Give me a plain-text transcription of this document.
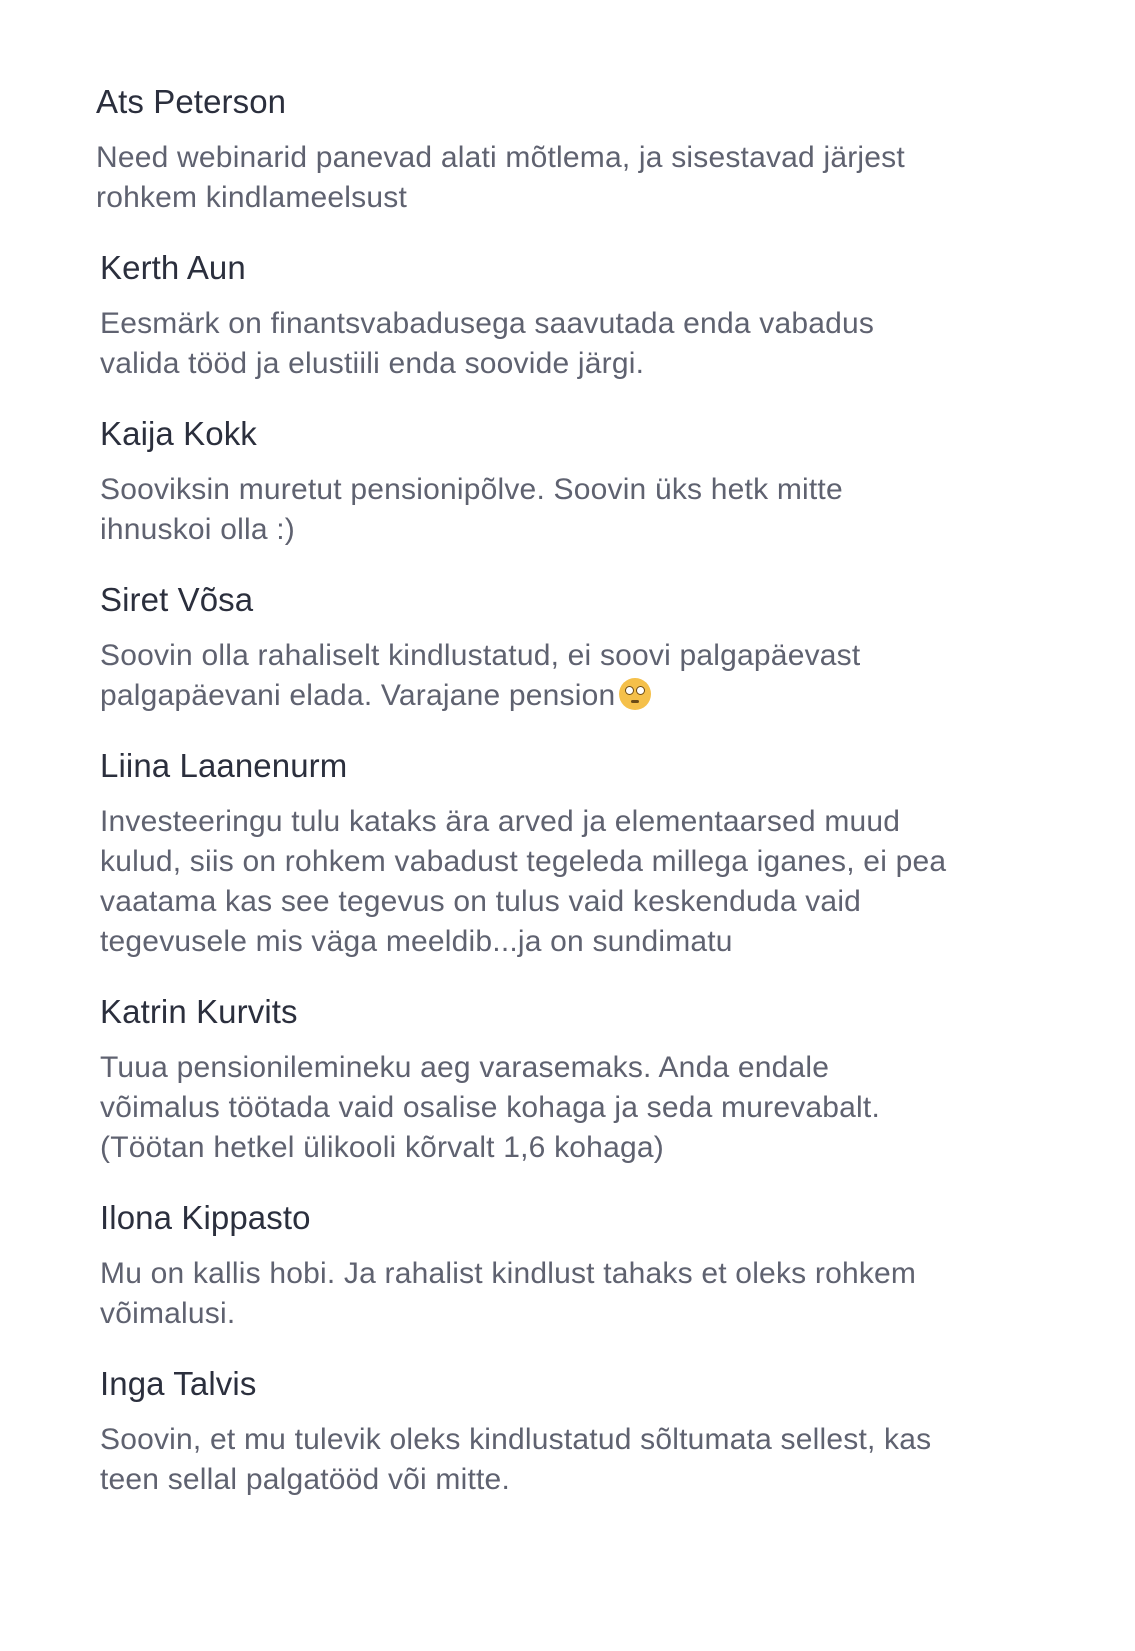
Ats Peterson

Need webinarid panevad alati mõtlema, ja sisestavad järjest
rohkem kindlameelsust

Kerth Aun

Eesmärk on finantsvabadusega saavutada enda vabadus
valida tööd ja elustiili enda soovide järgi.

Kaija Kokk

Sooviksin muretut pensionipõlve. Soovin üks hetk mitte
ihnuskoi olla :)

Siret Võsa

Soovin olla rahaliselt kindlustatud, ei soovi palgapäevast
palgapäevani elada. Varajane pension

Liina Laanenurm

Investeeringu tulu kataks ära arved ja elementaarsed muud
kulud, siis on rohkem vabadust tegeleda millega iganes, ei pea
vaatama kas see tegevus on tulus vaid keskenduda vaid
tegevusele mis väga meeldib...ja on sundimatu

Katrin Kurvits

Tuua pensionilemineku aeg varasemaks. Anda endale
võimalus töötada vaid osalise kohaga ja seda murevabalt.
(Töötan hetkel ülikooli kõrvalt 1,6 kohaga)

Ilona Kippasto

Mu on kallis hobi. Ja rahalist kindlust tahaks et oleks rohkem
võimalusi.

Inga Talvis

Soovin, et mu tulevik oleks kindlustatud sõltumata sellest, kas
teen sellal palgatööd või mitte.
